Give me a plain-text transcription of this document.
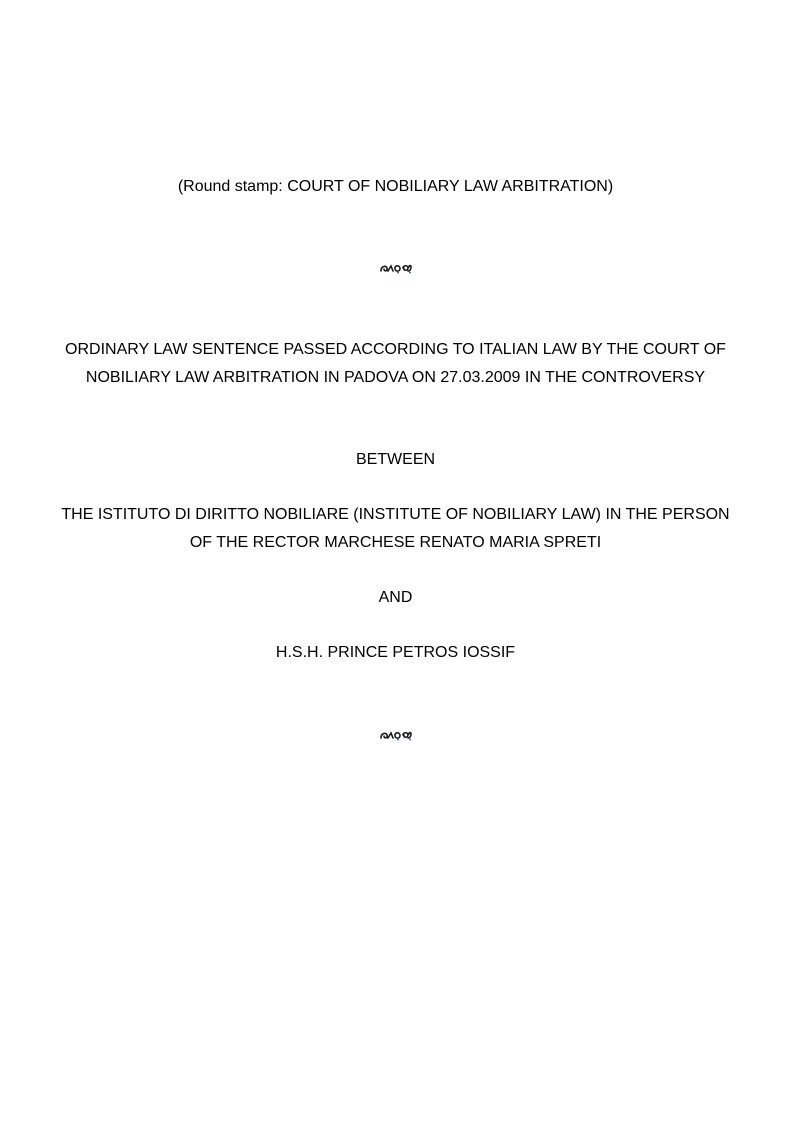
(Round stamp: COURT OF NOBILIARY LAW ARBITRATION)
ORDINARY LAW SENTENCE PASSED ACCORDING TO ITALIAN LAW BY THE COURT OF NOBILIARY LAW ARBITRATION IN PADOVA ON 27.03.2009 IN THE CONTROVERSY
BETWEEN
THE ISTITUTO DI DIRITTO NOBILIARE (INSTITUTE OF NOBILIARY LAW) IN THE PERSON OF THE RECTOR MARCHESE RENATO MARIA SPRETI
AND
H.S.H. PRINCE PETROS IOSSIF
